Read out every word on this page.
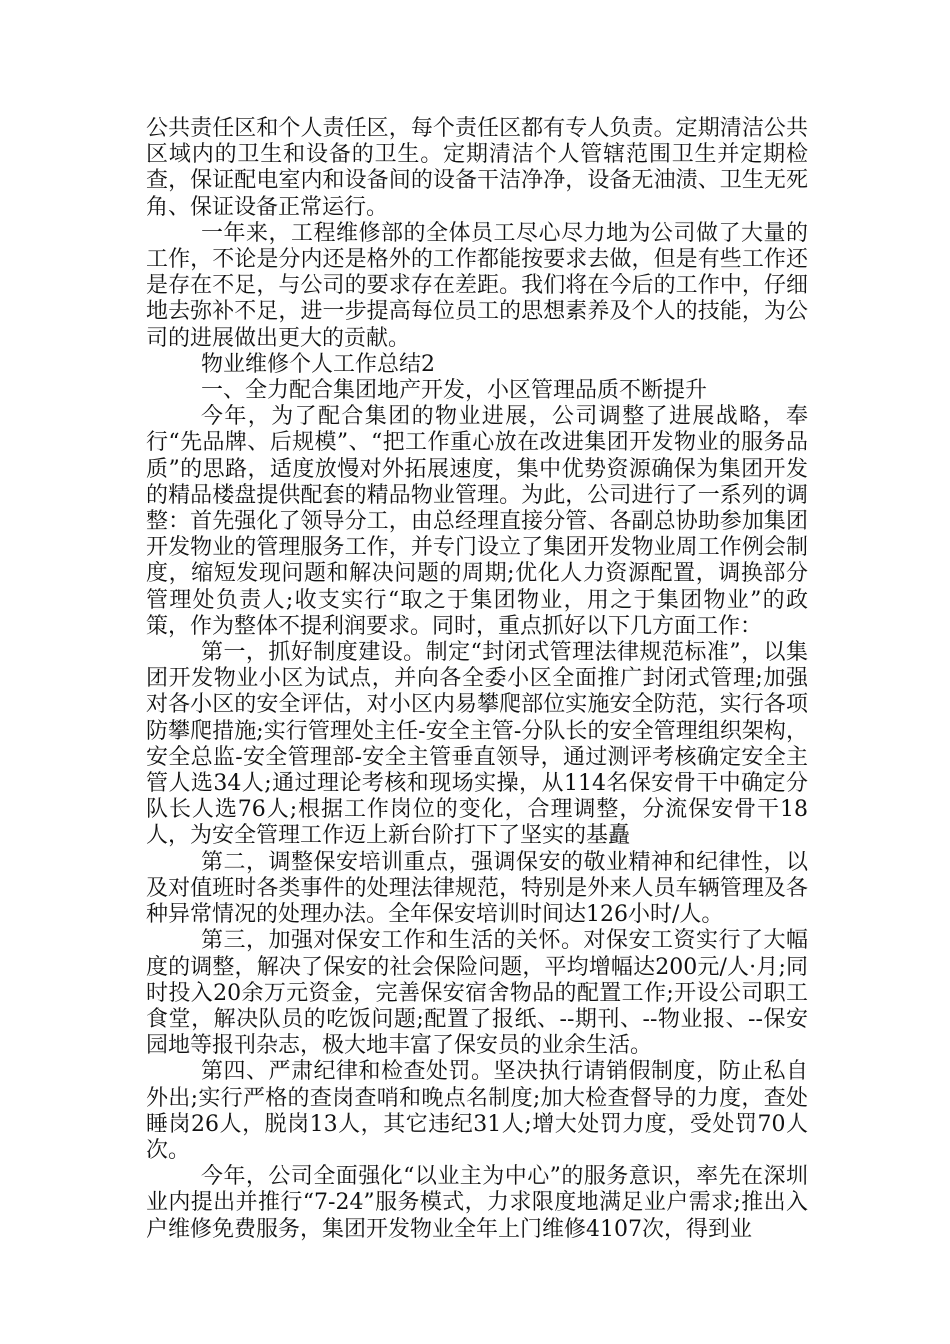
公共责任区和个人责任区，每个责任区都有专人负责。定期清洁公共区域内的卫生和设备的卫生。定期清洁个人管辖范围卫生并定期检查，保证配电室内和设备间的设备干洁净净，设备无油渍、卫生无死角、保证设备正常运行。

一年来，工程维修部的全体员工尽心尽力地为公司做了大量的工作，不论是分内还是格外的工作都能按要求去做，但是有些工作还是存在不足，与公司的要求存在差距。我们将在今后的工作中，仔细地去弥补不足，进一步提高每位员工的思想素养及个人的技能，为公司的进展做出更大的贡献。

物业维修个人工作总结2

一、全力配合集团地产开发，小区管理品质不断提升

今年，为了配合集团的物业进展，公司调整了进展战略，奉行“先品牌、后规模”、“把工作重心放在改进集团开发物业的服务品质”的思路，适度放慢对外拓展速度，集中优势资源确保为集团开发的精品楼盘提供配套的精品物业管理。为此，公司进行了一系列的调整：首先强化了领导分工，由总经理直接分管、各副总协助参加集团开发物业的管理服务工作，并专门设立了集团开发物业周工作例会制度，缩短发现问题和解决问题的周期;优化人力资源配置，调换部分管理处负责人;收支实行“取之于集团物业，用之于集团物业”的政策，作为整体不提利润要求。同时，重点抓好以下几方面工作：

第一，抓好制度建设。制定“封闭式管理法律规范标准”，以集团开发物业小区为试点，并向各全委小区全面推广封闭式管理;加强对各小区的安全评估，对小区内易攀爬部位实施安全防范，实行各项防攀爬措施;实行管理处主任-安全主管-分队长的安全管理组织架构，安全总监-安全管理部-安全主管垂直领导，通过测评考核确定安全主管人选34人;通过理论考核和现场实操，从114名保安骨干中确定分队长人选76人;根据工作岗位的变化，合理调整，分流保安骨干18人，为安全管理工作迈上新台阶打下了坚实的基矗

第二，调整保安培训重点，强调保安的敬业精神和纪律性，以及对值班时各类事件的处理法律规范，特别是外来人员车辆管理及各种异常情况的处理办法。全年保安培训时间达126小时/人。

第三，加强对保安工作和生活的关怀。对保安工资实行了大幅度的调整，解决了保安的社会保险问题，平均增幅达200元/人·月;同时投入20余万元资金，完善保安宿舍物品的配置工作;开设公司职工食堂，解决队员的吃饭问题;配置了报纸、--期刊、--物业报、--保安园地等报刊杂志，极大地丰富了保安员的业余生活。

第四、严肃纪律和检查处罚。坚决执行请销假制度，防止私自外出;实行严格的查岗查哨和晚点名制度;加大检查督导的力度，查处睡岗26人，脱岗13人，其它违纪31人;增大处罚力度，受处罚70人次。

今年，公司全面强化“以业主为中心”的服务意识，率先在深圳业内提出并推行“7-24”服务模式，力求限度地满足业户需求;推出入户维修免费服务，集团开发物业全年上门维修4107次，得到业
